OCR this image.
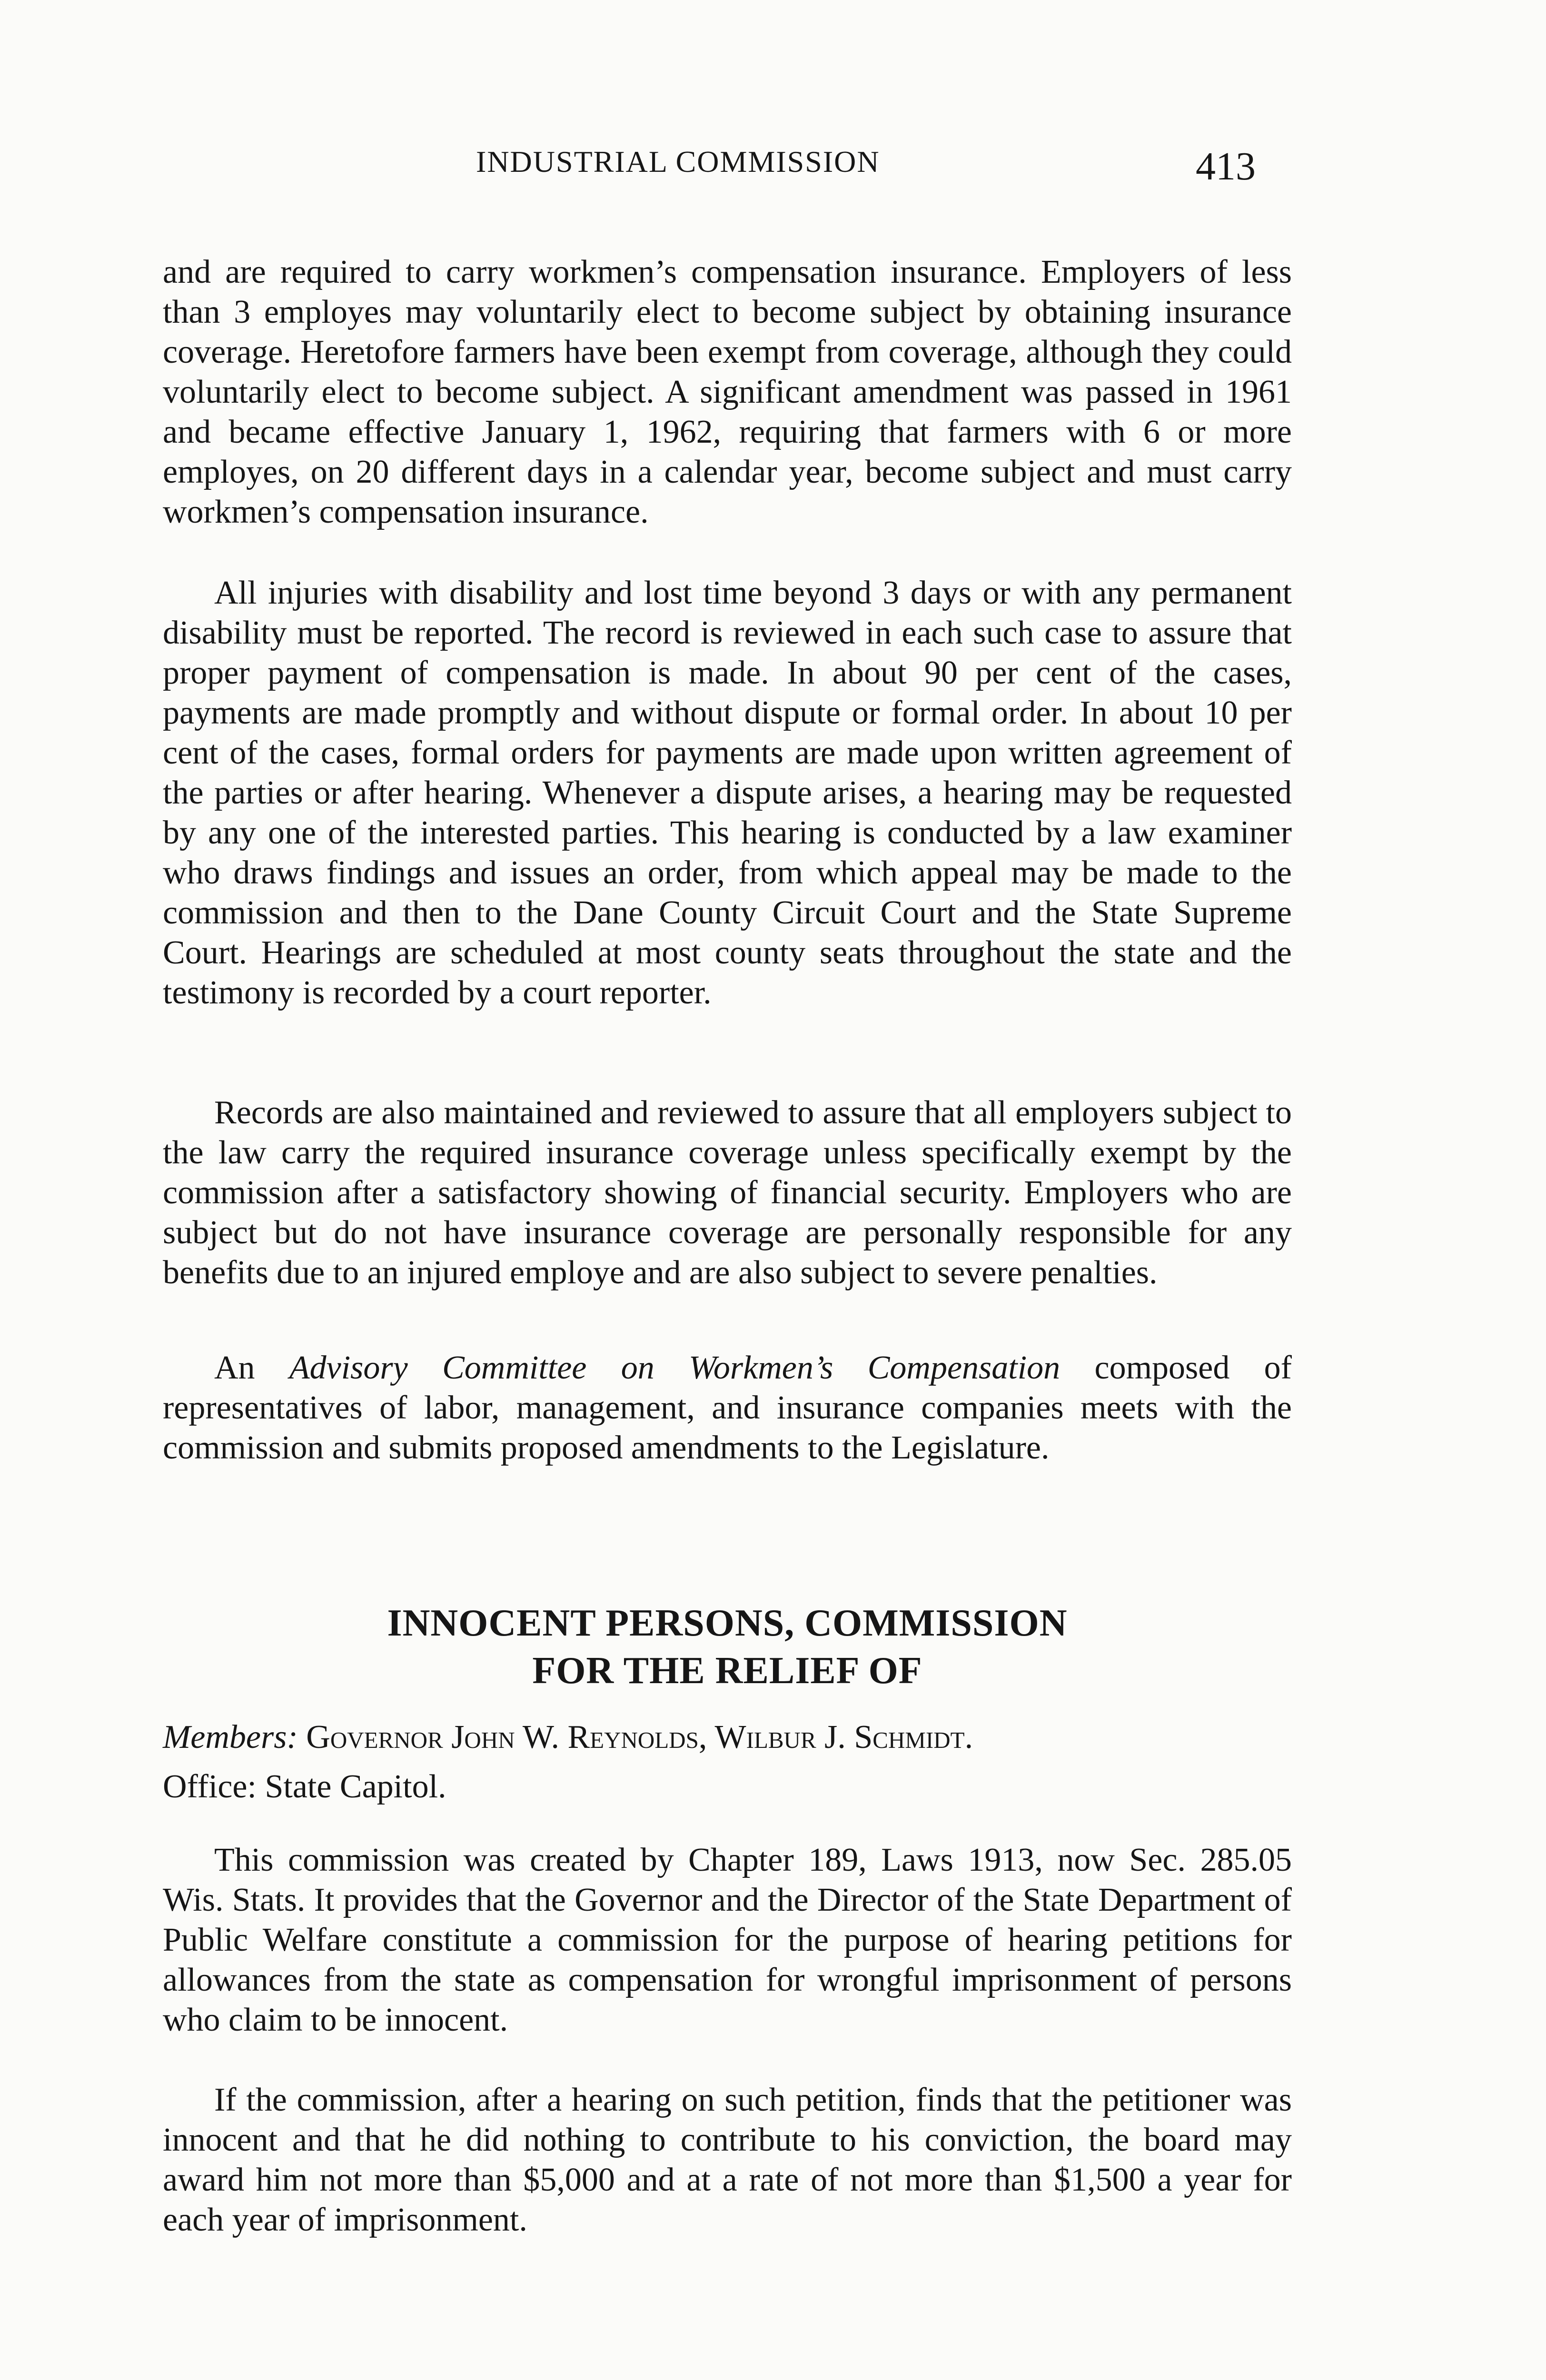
INDUSTRIAL COMMISSION	413

and are required to carry workmen’s compensation insurance. Employers of less than 3 employes may voluntarily elect to become subject by obtaining insurance coverage. Heretofore farmers have been exempt from coverage, although they could voluntarily elect to become subject. A significant amendment was passed in 1961 and became effective January 1, 1962, requiring that farmers with 6 or more employes, on 20 different days in a calendar year, become subject and must carry workmen’s compensation insurance.

All injuries with disability and lost time beyond 3 days or with any permanent disability must be reported. The record is reviewed in each such case to assure that proper payment of compensation is made. In about 90 per cent of the cases, payments are made promptly and without dispute or formal order. In about 10 per cent of the cases, formal orders for payments are made upon written agreement of the parties or after hearing. Whenever a dispute arises, a hearing may be requested by any one of the interested parties. This hearing is conducted by a law examiner who draws findings and issues an order, from which appeal may be made to the commission and then to the Dane County Circuit Court and the State Supreme Court. Hearings are scheduled at most county seats throughout the state and the testimony is recorded by a court reporter.

Records are also maintained and reviewed to assure that all employers subject to the law carry the required insurance coverage unless specifically exempt by the commission after a satisfactory showing of financial security. Employers who are subject but do not have insurance coverage are personally responsible for any benefits due to an injured employe and are also subject to severe penalties.

An Advisory Committee on Workmen’s Compensation composed of representatives of labor, management, and insurance companies meets with the commission and submits proposed amendments to the Legislature.

INNOCENT PERSONS, COMMISSION
FOR THE RELIEF OF
Members: Governor John W. Reynolds, Wilbur J. Schmidt.
Office: State Capitol.

This commission was created by Chapter 189, Laws 1913, now Sec. 285.05 Wis. Stats. It provides that the Governor and the Director of the State Department of Public Welfare constitute a commission for the purpose of hearing petitions for allowances from the state as compensation for wrongful imprisonment of persons who claim to be innocent.

If the commission, after a hearing on such petition, finds that the petitioner was innocent and that he did nothing to contribute to his conviction, the board may award him not more than $5,000 and at a rate of not more than $1,500 a year for each year of imprisonment.
